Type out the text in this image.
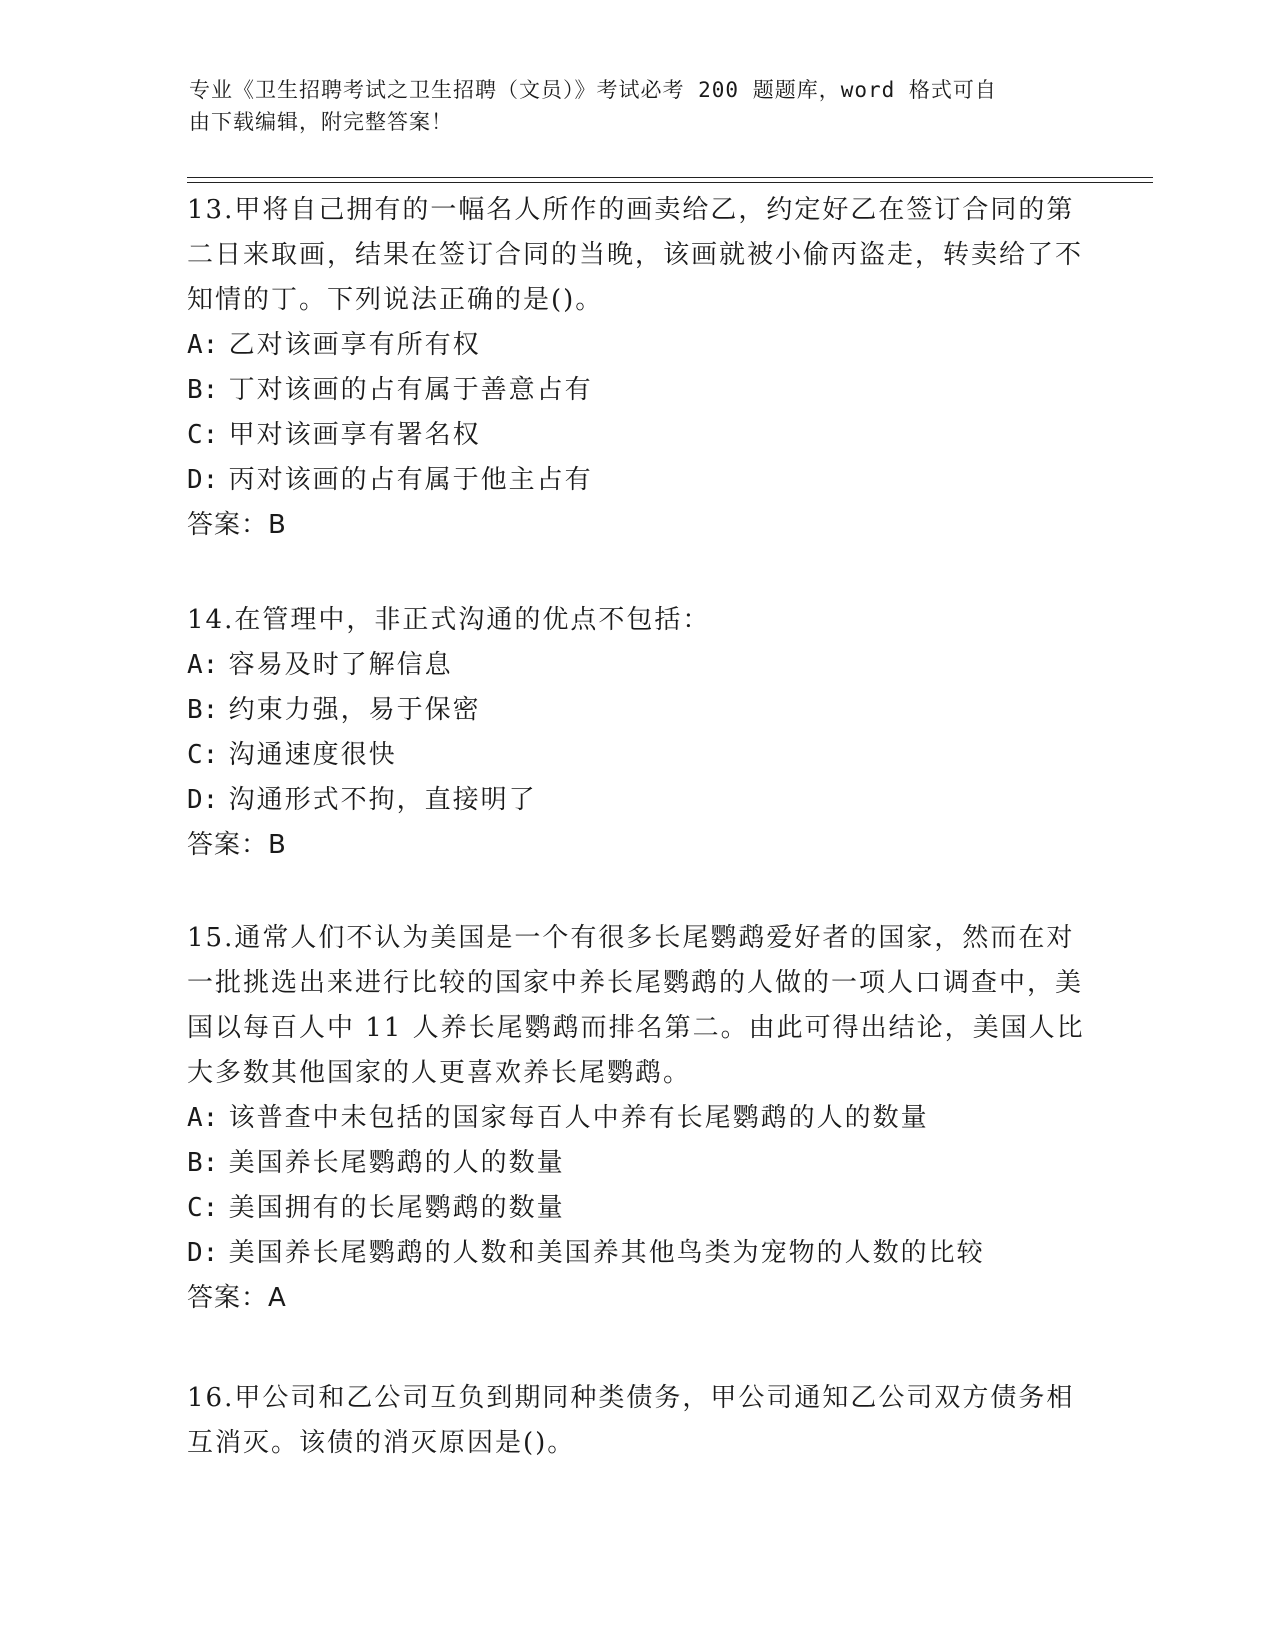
专业《卫生招聘考试之卫生招聘（文员）》考试必考 200 题题库，word 格式可自
由下载编辑，附完整答案！

13.甲将自己拥有的一幅名人所作的画卖给乙，约定好乙在签订合同的第二日来取画，结果在签订合同的当晚，该画就被小偷丙盗走，转卖给了不知情的丁。下列说法正确的是()。

A: 乙对该画享有所有权
B: 丁对该画的占有属于善意占有
C: 甲对该画享有署名权
D: 丙对该画的占有属于他主占有
答案：B

14.在管理中，非正式沟通的优点不包括：

A: 容易及时了解信息
B: 约束力强，易于保密
C: 沟通速度很快
D: 沟通形式不拘，直接明了
答案：B

15.通常人们不认为美国是一个有很多长尾鹦鹉爱好者的国家，然而在对一批挑选出来进行比较的国家中养长尾鹦鹉的人做的一项人口调查中，美国以每百人中 11 人养长尾鹦鹉而排名第二。由此可得出结论，美国人比大多数其他国家的人更喜欢养长尾鹦鹉。

A: 该普查中未包括的国家每百人中养有长尾鹦鹉的人的数量
B: 美国养长尾鹦鹉的人的数量
C: 美国拥有的长尾鹦鹉的数量
D: 美国养长尾鹦鹉的人数和美国养其他鸟类为宠物的人数的比较
答案：A

16.甲公司和乙公司互负到期同种类债务，甲公司通知乙公司双方债务相互消灭。该债的消灭原因是()。
